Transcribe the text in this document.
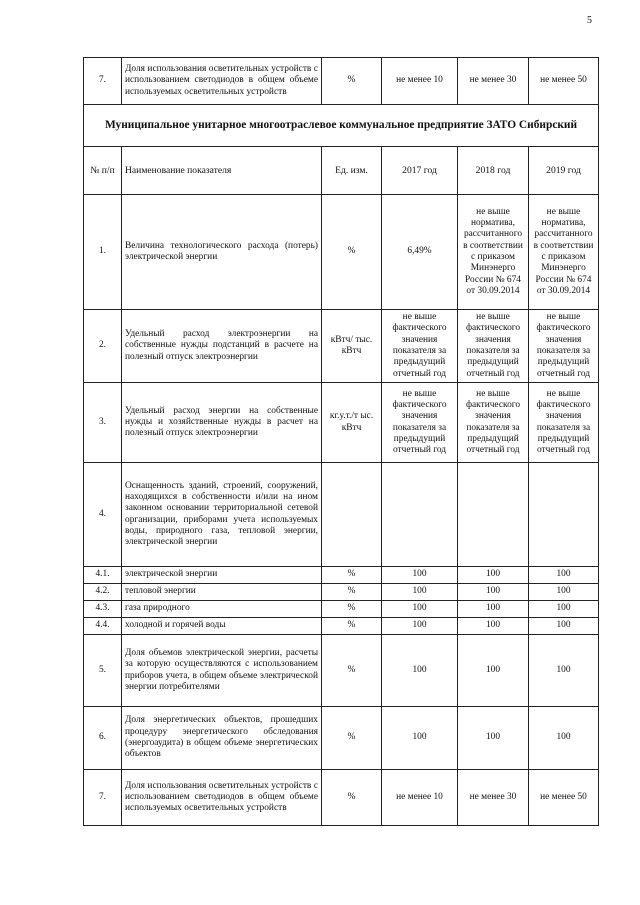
5
7.	Доля использования осветительных устройств с использованием светодиодов в общем объеме используемых осветительных устройств	%	не менее 10	не менее 30	не менее 50
Муниципальное унитарное многоотраслевое коммунальное предприятие ЗАТО Сибирский					
№ п/п	Наименование показателя	Ед. изм.	2017 год	2018 год	2019 год
1.	Величина технологического расхода (потерь) электрической энергии	%	6,49%	не выше норматива, рассчитанного в соответствии с приказом Минэнерго России № 674 от 30.09.2014	не выше норматива, рассчитанного в соответствии с приказом Минэнерго России № 674 от 30.09.2014
2.	Удельный расход электроэнергии на собственные нужды подстанций в расчете на полезный отпуск электроэнергии	кВтч/ тыс. кВтч	не выше фактического значения показателя за предыдущий отчетный год	не выше фактического значения показателя за предыдущий отчетный год	не выше фактического значения показателя за предыдущий отчетный год
3.	Удельный расход энергии на собственные нужды и хозяйственные нужды в расчет на полезный отпуск электроэнергии	кг.у.т./т ыс. кВтч	не выше фактического значения показателя за предыдущий отчетный год	не выше фактического значения показателя за предыдущий отчетный год	не выше фактического значения показателя за предыдущий отчетный год
4.	Оснащенность зданий, строений, сооружений, находящихся в собственности и/или на ином законном основании территориальной сетевой организации, приборами учета используемых воды, природного газа, тепловой энергии, электрической энергии				
4.1.	электрической энергии	%	100	100	100
4.2.	тепловой энергии	%	100	100	100
4.3.	газа природного	%	100	100	100
4.4.	холодной и горячей воды	%	100	100	100
5.	Доля объемов электрической энергии, расчеты за которую осуществляются с использованием приборов учета, в общем объеме электрической энергии потребителями	%	100	100	100
6.	Доля энергетических объектов, прошедших процедуру энергетического обследования (энергоаудита) в общем объеме энергетических объектов	%	100	100	100
7.	Доля использования осветительных устройств с использованием светодиодов в общем объеме используемых осветительных устройств	%	не менее 10	не менее 30	не менее 50
